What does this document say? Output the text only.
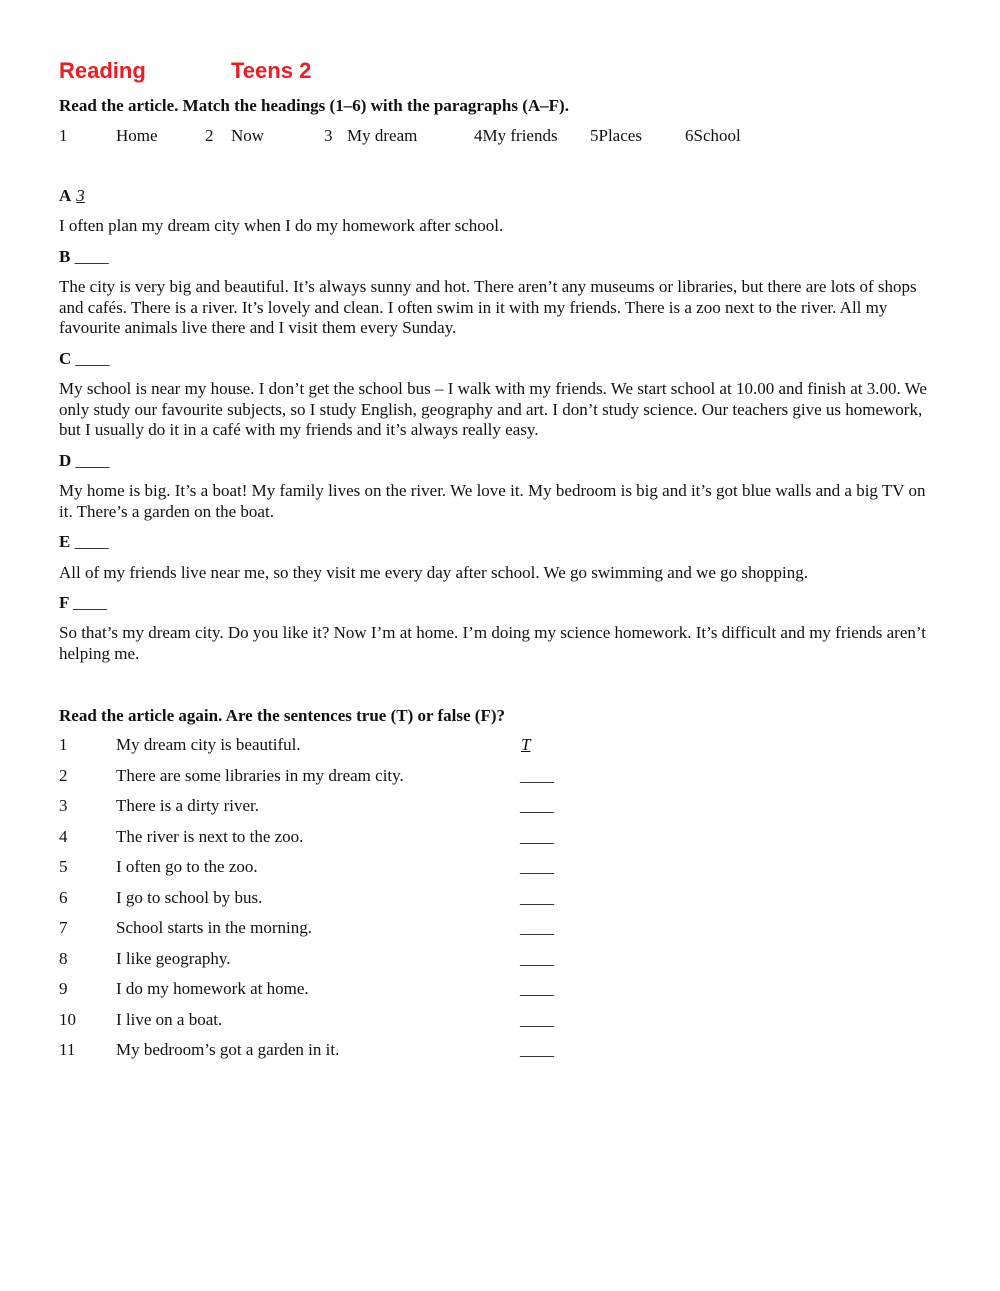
Reading	Teens 2
Read the article. Match the headings (1–6) with the paragraphs (A–F).
1	Home	2 Now	3 My dream	4My friends 5Places	6School
A 3
I often plan my dream city when I do my homework after school.
B ____
The city is very big and beautiful. It’s always sunny and hot. There aren’t any museums or libraries, but there are lots of shops and cafés. There is a river. It’s lovely and clean. I often swim in it with my friends. There is a zoo next to the river. All my favourite animals live there and I visit them every Sunday.
C ____
My school is near my house. I don’t get the school bus – I walk with my friends. We start school at 10.00 and finish at 3.00. We only study our favourite subjects, so I study English, geography and art. I don’t study science. Our teachers give us homework, but I usually do it in a café with my friends and it’s always really easy.
D ____
My home is big. It’s a boat! My family lives on the river. We love it. My bedroom is big and it’s got blue walls and a big TV on it. There’s a garden on the boat.
E ____
All of my friends live near me, so they visit me every day after school. We go swimming and we go shopping.
F ____
So that’s my dream city. Do you like it? Now I’m at home. I’m doing my science homework. It’s difficult and my friends aren’t helping me.
Read the article again. Are the sentences true (T) or false (F)?
1	My dream city is beautiful.	T
2	There are some libraries in my dream city.	____
3	There is a dirty river.	____
4	The river is next to the zoo.	____
5	I often go to the zoo.	____
6	I go to school by bus.	____
7	School starts in the morning.	____
8	I like geography.	____
9	I do my homework at home.	____
10 I live on a boat.	____
11 My bedroom’s got a garden in it.	____
